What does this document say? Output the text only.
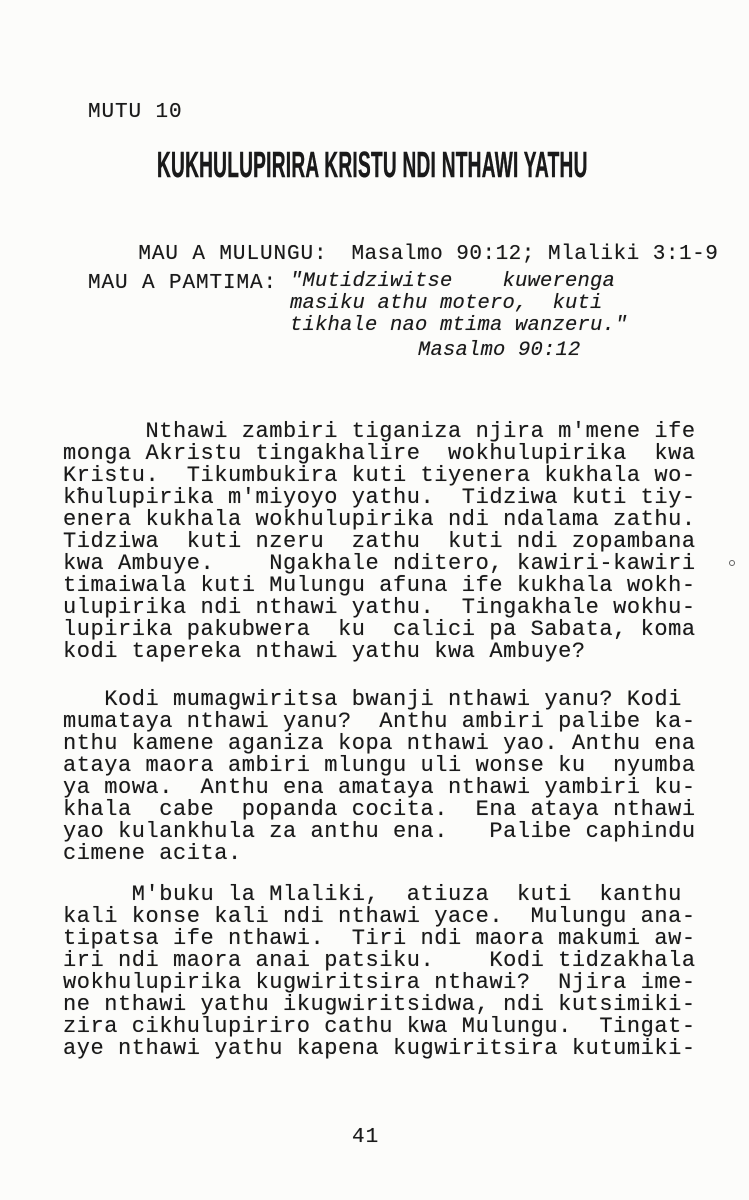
MUTU 10
KUKHULUPIRIRA KRISTU NDI NTHAWI YATHU

MAU A MULUNGU: Masalmo 90:12; Mlaliki 3:1-9

MAU A PAMTIMA: "Mutidziwitse    kuwerenga
masiku athu motero,  kuti
tikhale nao mtima wanzeru."
Masalmo 90:12
Nthawi zambiri tiganiza njira m'mene ife
monga Akristu tingakhalire  wokhulupirika  kwa
Kristu.  Tikumbukira kuti tiyenera kukhala wo-
kħulupirika m'miyoyo yathu.  Tidziwa kuti tiy-
enera kukhala wokhulupirika ndi ndalama zathu.
Tidziwa  kuti nzeru  zathu  kuti ndi zopambana
kwa Ambuye.    Ngakhale nditero, kawiri-kawiri
timaiwala kuti Mulungu afuna ife kukhala wokh-
ulupirika ndi nthawi yathu.  Tingakhale wokhu-
lupirika pakubwera  ku  calici pa Sabata, koma
kodi tapereka nthawi yathu kwa Ambuye?
Kodi mumagwiritsa bwanji nthawi yanu? Kodi
mumataya nthawi yanu?  Anthu ambiri palibe ka-
nthu kamene aganiza kopa nthawi yao. Anthu ena
ataya maora ambiri mlungu uli wonse ku  nyumba
ya mowa.  Anthu ena amataya nthawi yambiri ku-
khala  cabe  popanda cocita.  Ena ataya nthawi
yao kulankhula za anthu ena.   Palibe caphindu
cimene acita.
M'buku la Mlaliki,  atiuza  kuti  kanthu
kali konse kali ndi nthawi yace.  Mulungu ana-
tipatsa ife nthawi.  Tiri ndi maora makumi aw-
iri ndi maora anai patsiku.    Kodi tidzakhala
wokhulupirika kugwiritsira nthawi?  Njira ime-
ne nthawi yathu ikugwiritsidwa, ndi kutsimiki-
zira cikhulupiriro cathu kwa Mulungu.  Tingat-
aye nthawi yathu kapena kugwiritsira kutumiki-
41
